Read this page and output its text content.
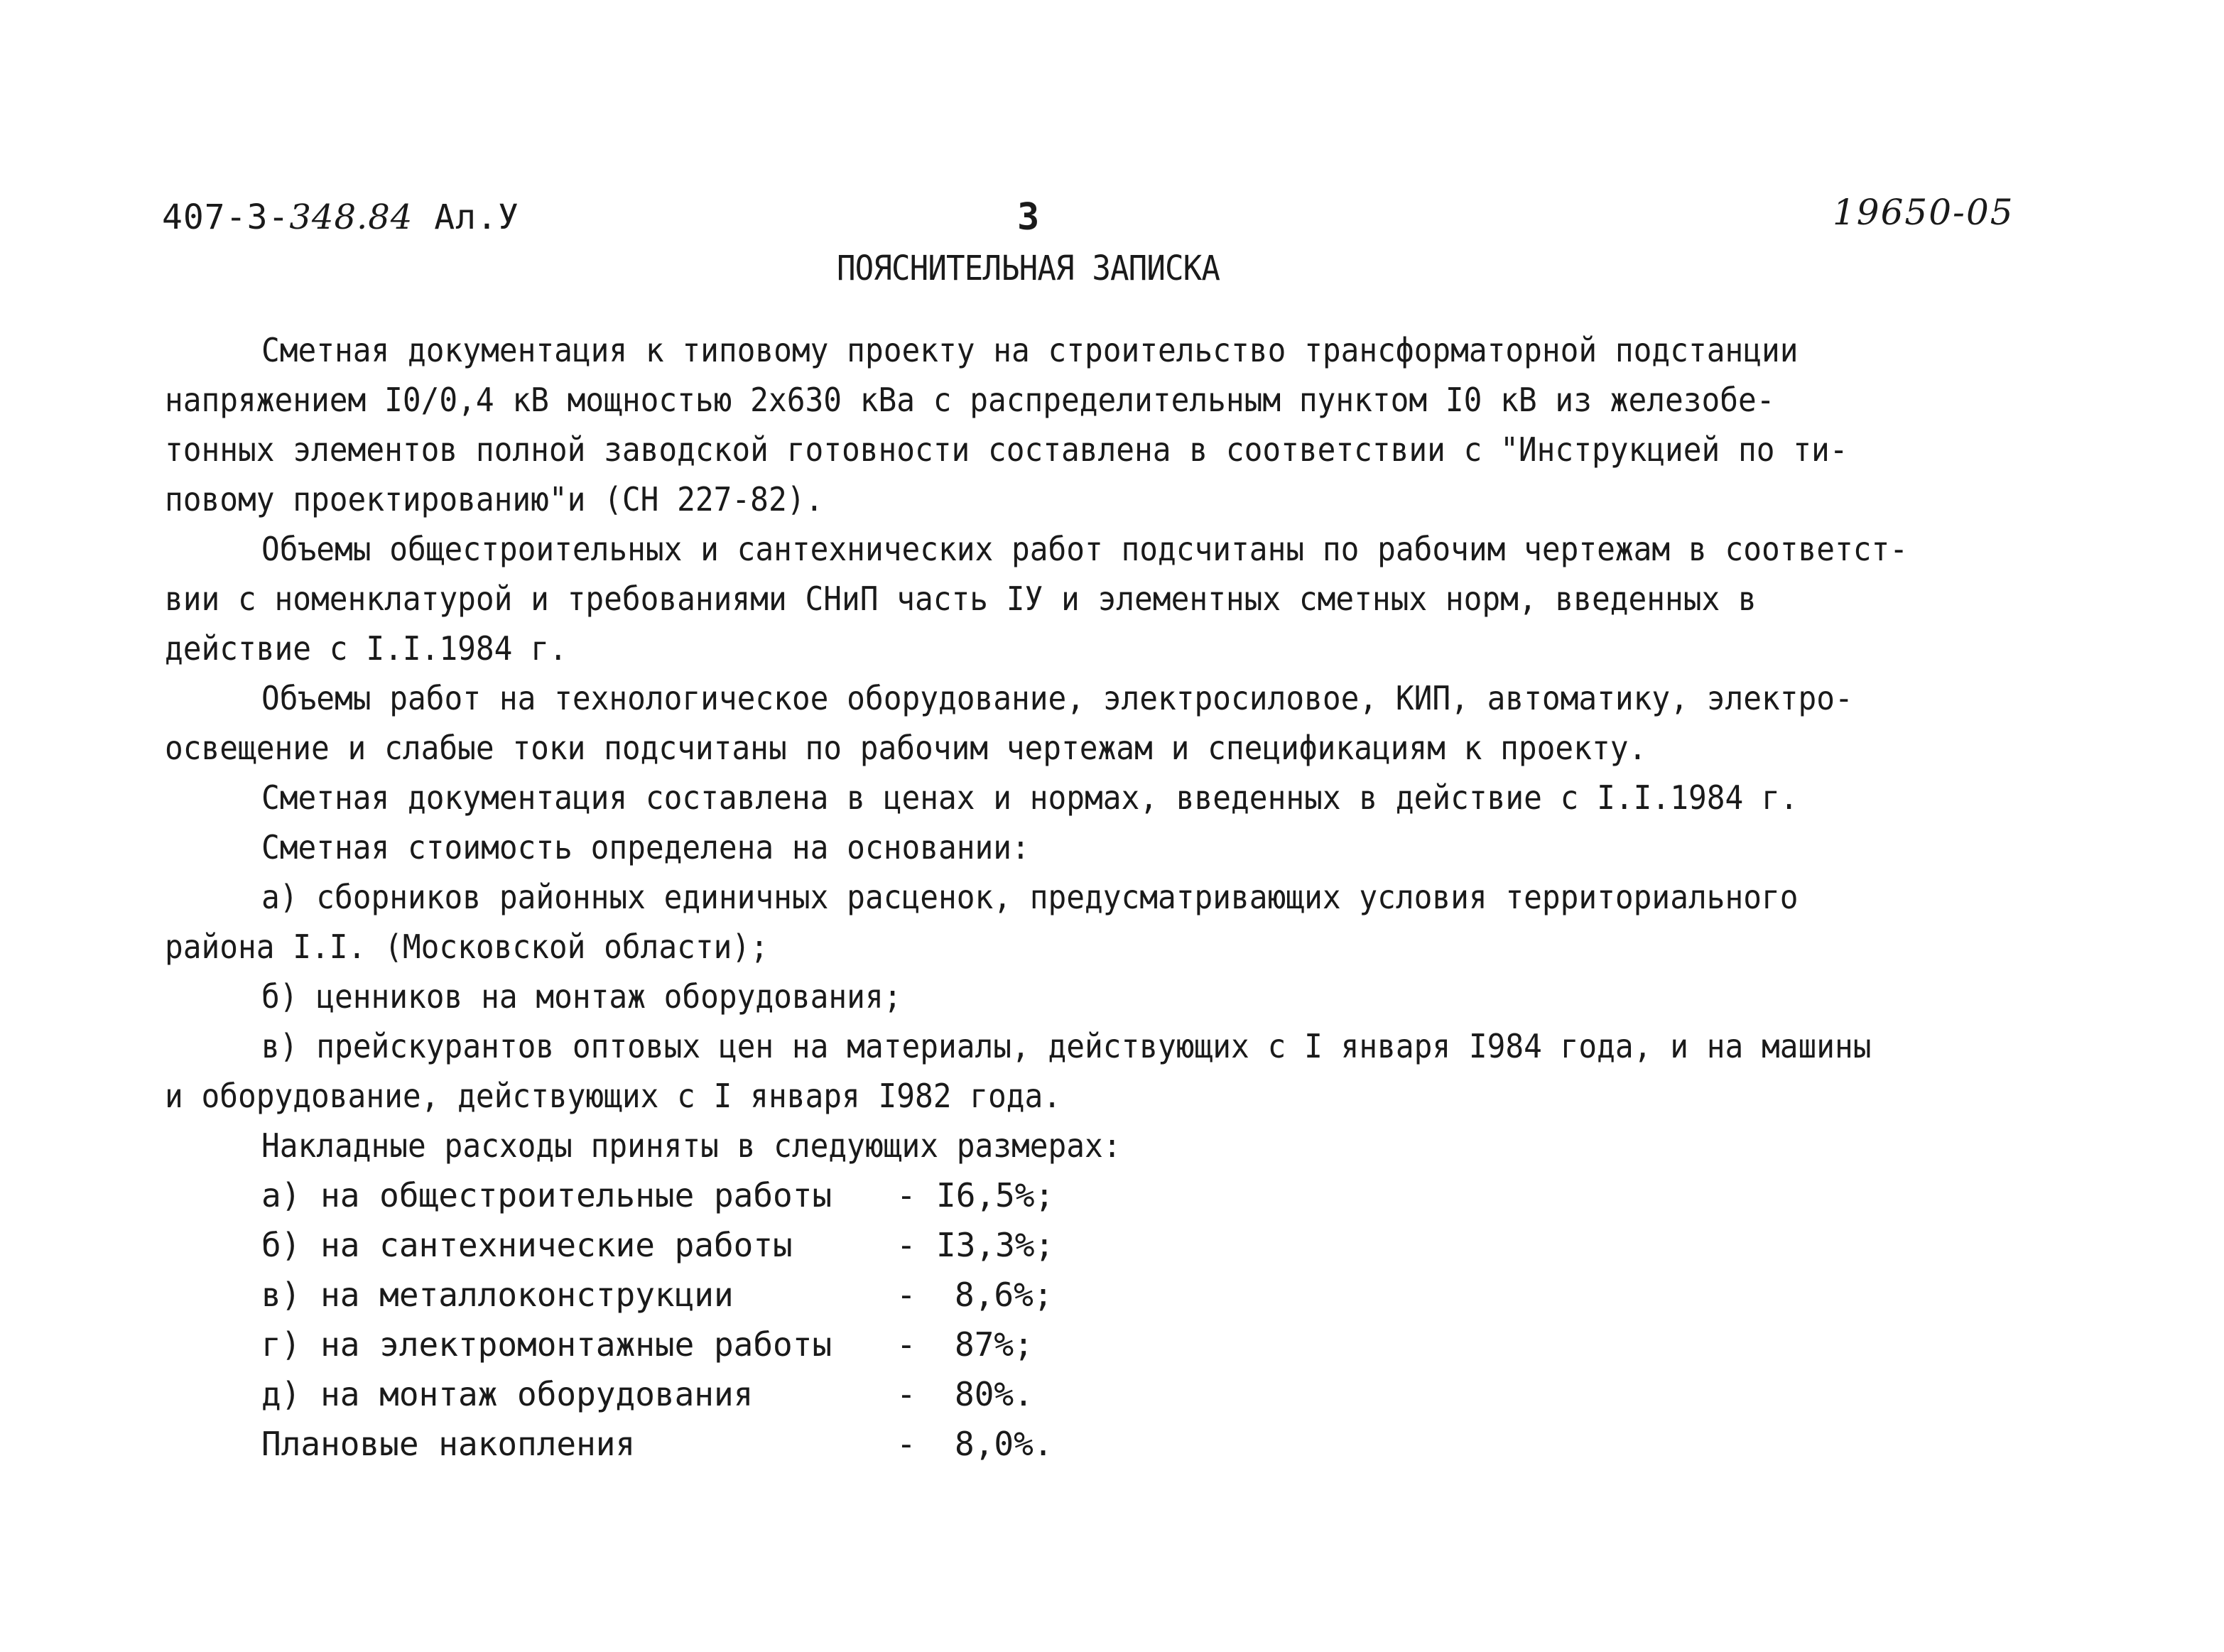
407-3-348.84 Ал.У	3	19650-05
ПОЯСНИТЕЛЬНАЯ ЗАПИСКА
Сметная документация к типовому проекту на строительство трансформаторной подстанции
напряжением I0/0,4 кВ мощностью 2х630 кВа с распределительным пунктом I0 кВ из железобе-
тонных элементов полной заводской готовности составлена в соответствии с "Инструкцией по ти-
повому проектированию"и (СН 227-82).
Объемы общестроительных и сантехнических работ подсчитаны по рабочим чертежам в соответст-
вии с номенклатурой и требованиями СНиП часть IУ и элементных сметных норм, введенных в
действие с I.I.1984 г.
Объемы работ на технологическое оборудование, электросиловое, КИП, автоматику, электро-
освещение и слабые токи подсчитаны по рабочим чертежам и спецификациям к проекту.
Сметная документация составлена в ценах и нормах, введенных в действие с I.I.1984 г.
Сметная стоимость определена на основании:
а) сборников районных единичных расценок, предусматривающих условия территориального
района I.I. (Московской области);
б) ценников на монтаж оборудования;
в) прейскурантов оптовых цен на материалы, действующих с I января I984 года, и на машины
и оборудование, действующих с I января I982 года.
Накладные расходы приняты в следующих размерах:
а) на общестроительные работы - I6,5%;
б) на сантехнические работы	- I3,3%;
в) на металлоконструкции	- 8,6%;
г) на электромонтажные работы - 87%;
д) на монтаж оборудования	- 80%.
Плановые накопления	- 8,0%.
